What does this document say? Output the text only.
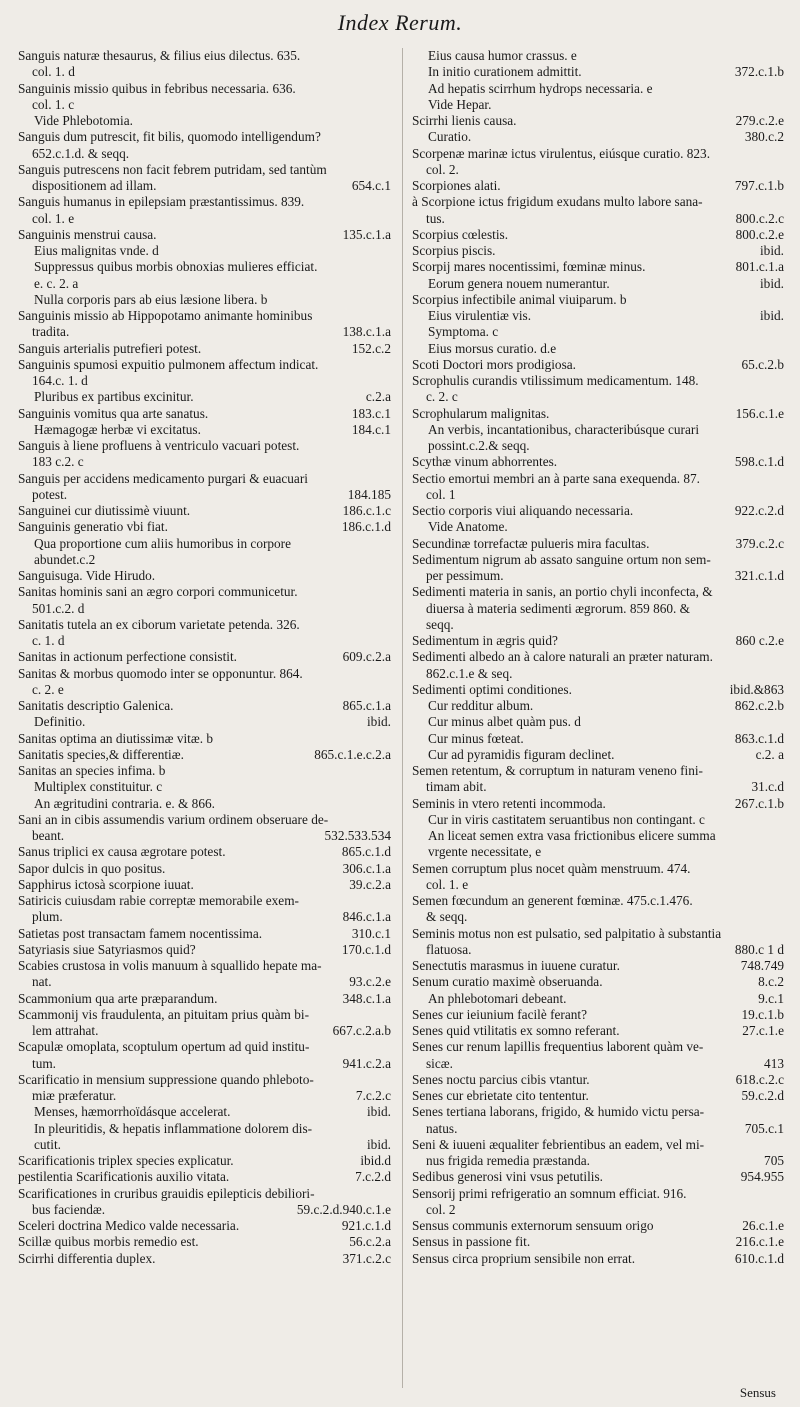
Index Rerum.
Sanguis naturæ thesaurus, & filius eius dilectus. 635.
col. 1. d
Sanguinis missio quibus in febribus necessaria. 636.
col. 1. c
Vide Phlebotomia.
Sanguis dum putrescit, fit bilis, quomodo intelligendum?
652.c.1.d. & seqq.
Sanguis putrescens non facit febrem putridam, sed tantùm
654.c.1
dispositionem ad illam.
Sanguis humanus in epilepsiam præstantissimus. 839.
col. 1. e
135.c.1.a
Sanguinis menstrui causa.
Eius malignitas vnde. d
Suppressus quibus morbis obnoxias mulieres efficiat.
e. c. 2. a
Nulla corporis pars ab eius læsione libera. b
Sanguinis missio ab Hippopotamo animante hominibus
138.c.1.a
tradita.
152.c.2
Sanguis arterialis putrefieri potest.
Sanguinis spumosi expuitio pulmonem affectum indicat.
164.c. 1. d
c.2.a
Pluribus ex partibus excinitur.
183.c.1
Sanguinis vomitus qua arte sanatus.
184.c.1
Hæmagogæ herbæ vi excitatus.
Sanguis à liene profluens à ventriculo vacuari potest.
183 c.2. c
Sanguis per accidens medicamento purgari & euacuari
184.185
potest.
186.c.1.c
Sanguinei cur diutissimè viuunt.
186.c.1.d
Sanguinis generatio vbi fiat.
Qua proportione cum aliis humoribus in corpore
abundet.c.2
Sanguisuga. Vide Hirudo.
Sanitas hominis sani an ægro corpori communicetur.
501.c.2. d
Sanitatis tutela an ex ciborum varietate petenda. 326.
c. 1. d
609.c.2.a
Sanitas in actionum perfectione consistit.
Sanitas & morbus quomodo inter se opponuntur. 864.
c. 2. e
865.c.1.a
Sanitatis descriptio Galenica.
ibid.
Definitio.
Sanitas optima an diutissimæ vitæ. b
865.c.1.e.c.2.a
Sanitatis species,& differentiæ.
Sanitas an species infima. b
Multiplex constituitur. c
An ægritudini contraria. e. & 866.
Sani an in cibis assumendis varium ordinem obseruare de-
532.533.534
beant.
865.c.1.d
Sanus triplici ex causa ægrotare potest.
306.c.1.a
Sapor dulcis in quo positus.
39.c.2.a
Sapphirus ictosà scorpione iuuat.
Satiricis cuiusdam rabie correptæ memorabile exem-
846.c.1.a
plum.
310.c.1
Satietas post transactam famem nocentissima.
170.c.1.d
Satyriasis siue Satyriasmos quid?
Scabies crustosa in volis manuum à squallido hepate ma-
93.c.2.e
nat.
348.c.1.a
Scammonium qua arte præparandum.
Scammonij vis fraudulenta, an pituitam prius quàm bi-
667.c.2.a.b
lem attrahat.
Scapulæ omoplata, scoptulum opertum ad quid institu-
941.c.2.a
tum.
Scarificatio in mensium suppressione quando phleboto-
7.c.2.c
miæ præferatur.
ibid.
Menses, hæmorrhoïdásque accelerat.
In pleuritidis, & hepatis inflammatione dolorem dis-
ibid.
cutit.
ibid.d
Scarificationis triplex species explicatur.
7.c.2.d
pestilentia Scarificationis auxilio vitata.
Scarificationes in cruribus grauidis epilepticis debiliori-
59.c.2.d.940.c.1.e
bus faciendæ.
921.c.1.d
Sceleri doctrina Medico valde necessaria.
56.c.2.a
Scillæ quibus morbis remedio est.
371.c.2.c
Scirrhi differentia duplex.
Eius causa humor crassus. e
372.c.1.b
In initio curationem admittit.
Ad hepatis scirrhum hydrops necessaria. e
Vide Hepar.
279.c.2.e
Scirrhi lienis causa.
380.c.2
Curatio.
Scorpenæ marinæ ictus virulentus, eiúsque curatio. 823.
col. 2.
797.c.1.b
Scorpiones alati.
à Scorpione ictus frigidum exudans multo labore sana-
800.c.2.c
tus.
800.c.2.e
Scorpius cœlestis.
ibid.
Scorpius piscis.
801.c.1.a
Scorpij mares nocentissimi, fœminæ minus.
ibid.
Eorum genera nouem numerantur.
Scorpius infectibile animal viuiparum. b
ibid.
Eius virulentiæ vis.
Symptoma. c
Eius morsus curatio. d.e
65.c.2.b
Scoti Doctori mors prodigiosa.
Scrophulis curandis vtilissimum medicamentum. 148.
c. 2. c
156.c.1.e
Scrophularum malignitas.
An verbis, incantationibus, characteribúsque curari
possint.c.2.& seqq.
598.c.1.d
Scythæ vinum abhorrentes.
Sectio emortui membri an à parte sana exequenda. 87.
col. 1
922.c.2.d
Sectio corporis viui aliquando necessaria.
Vide Anatome.
379.c.2.c
Secundinæ torrefactæ pulueris mira facultas.
Sedimentum nigrum ab assato sanguine ortum non sem-
321.c.1.d
per pessimum.
Sedimenti materia in sanis, an portio chyli inconfecta, &
diuersa à materia sedimenti ægrorum. 859 860. &
seqq.
860 c.2.e
Sedimentum in ægris quid?
Sedimenti albedo an à calore naturali an præter naturam.
862.c.1.e & seq.
ibid.&863
Sedimenti optimi conditiones.
862.c.2.b
Cur redditur album.
Cur minus albet quàm pus. d
863.c.1.d
Cur minus fœteat.
c.2. a
Cur ad pyramidis figuram declinet.
Semen retentum, & corruptum in naturam veneno fini-
31.c.d
timam abit.
267.c.1.b
Seminis in vtero retenti incommoda.
Cur in viris castitatem seruantibus non contingant. c
An liceat semen extra vasa frictionibus elicere summa
vrgente necessitate, e
Semen corruptum plus nocet quàm menstruum. 474.
col. 1. e
Semen fœcundum an generent fœminæ. 475.c.1.476.
& seqq.
Seminis motus non est pulsatio, sed palpitatio à substantia
880.c 1 d
flatuosa.
748.749
Senectutis marasmus in iuuene curatur.
8.c.2
Senum curatio maximè obseruanda.
9.c.1
An phlebotomari debeant.
19.c.1.b
Senes cur ieiunium facilè ferant?
27.c.1.e
Senes quid vtilitatis ex somno referant.
Senes cur renum lapillis frequentius laborent quàm ve-
413
sicæ.
618.c.2.c
Senes noctu parcius cibis vtantur.
59.c.2.d
Senes cur ebrietate cito tententur.
Senes tertiana laborans, frigido, & humido victu persa-
705.c.1
natus.
Seni & iuueni æqualiter febrientibus an eadem, vel mi-
705
nus frigida remedia præstanda.
954.955
Sedibus generosi vini vsus petutilis.
Sensorij primi refrigeratio an somnum efficiat. 916.
col. 2
26.c.1.e
Sensus communis externorum sensuum origo
216.c.1.e
Sensus in passione fit.
610.c.1.d
Sensus circa proprium sensibile non errat.
Sensus
